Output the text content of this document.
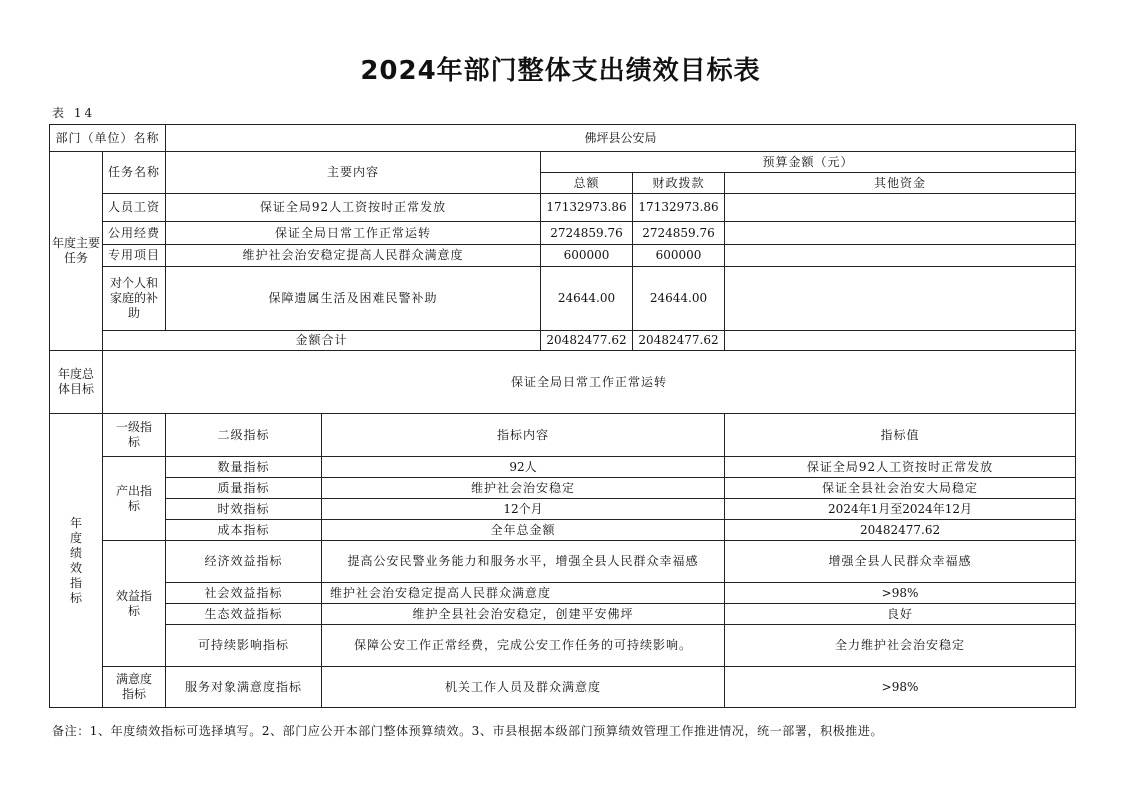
2024年部门整体支出绩效目标表
表 14
部门（单位）名称		佛坪县公安局				
年度主要任务	任务名称	主要内容		预算金额（元）		
				总额	财政拨款	其他资金
	人员工资	保证全局92人工资按时正常发放		17132973.86	17132973.86	
	公用经费	保证全局日常工作正常运转		2724859.76	2724859.76	
	专用项目	维护社会治安稳定提高人民群众满意度		600000	600000	
	对个人和家庭的补助	保障遗属生活及困难民警补助		24644.00	24644.00	
	金额合计			20482477.62	20482477.62	
年度总体目标	保证全局日常工作正常运转					
年度绩效指标	一级指标	二级指标	指标内容			指标值
	产出指标	数量指标	92人			保证全局92人工资按时正常发放
		质量指标	维护社会治安稳定			保证全县社会治安大局稳定
		时效指标	12个月			2024年1月至2024年12月
		成本指标	全年总金额			20482477.62
	效益指标	经济效益指标	提高公安民警业务能力和服务水平，增强全县人民群众幸福感			增强全县人民群众幸福感
		社会效益指标	维护社会治安稳定提高人民群众满意度			>98%
		生态效益指标	维护全县社会治安稳定，创建平安佛坪			良好
		可持续影响指标	保障公安工作正常经费，完成公安工作任务的可持续影响。			全力维护社会治安稳定
	满意度指标	服务对象满意度指标	机关工作人员及群众满意度			>98%
备注：1、年度绩效指标可选择填写。2、部门应公开本部门整体预算绩效。3、市县根据本级部门预算绩效管理工作推进情况，统一部署，积极推进。
